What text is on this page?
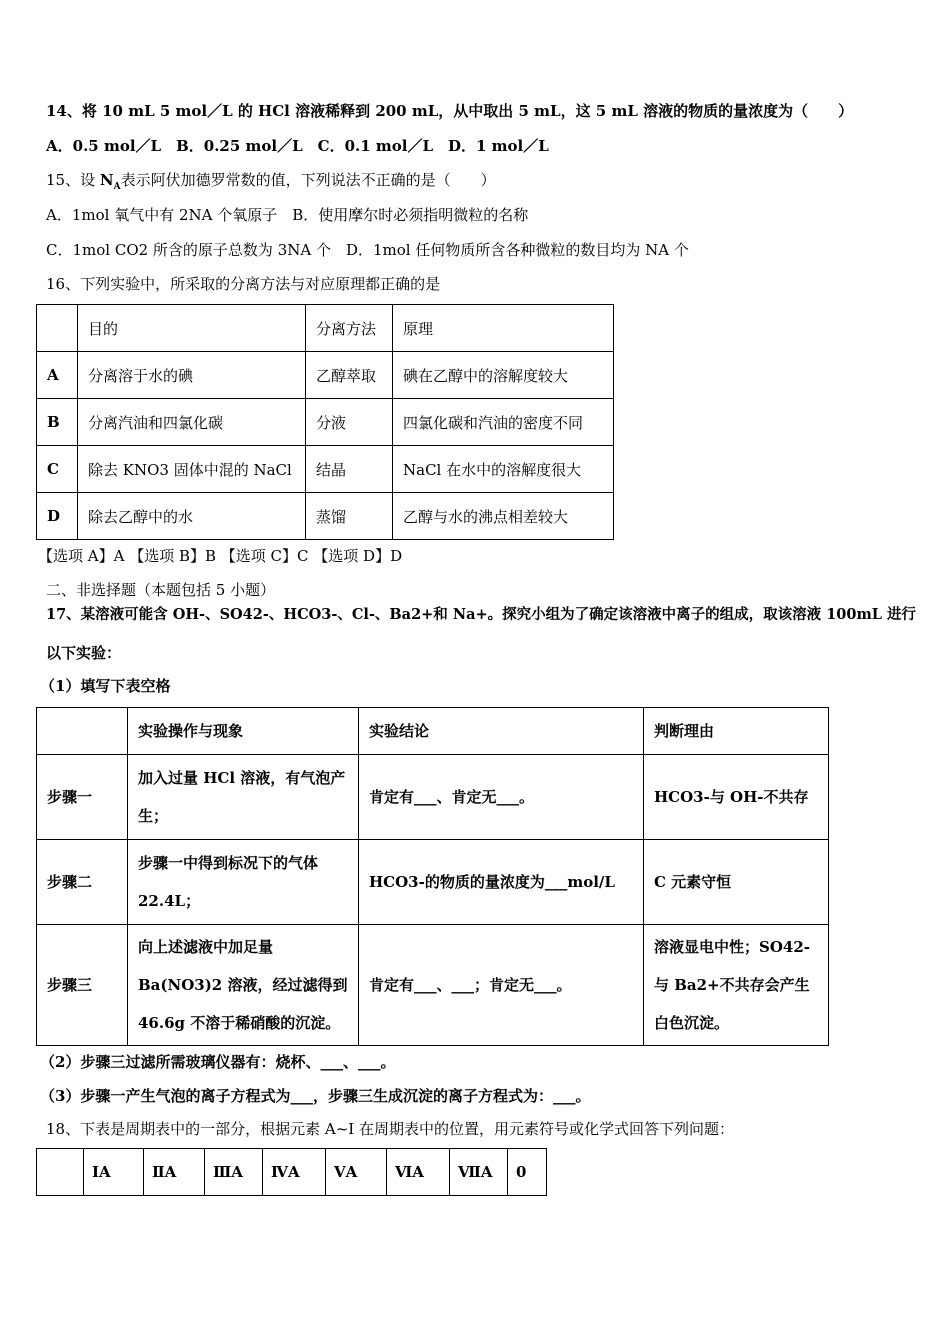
14、将 10 mL 5 mol／L 的 HCl 溶液稀释到 200 mL，从中取出 5 mL，这 5 mL 溶液的物质的量浓度为（　　）
A．0.5 mol／L　B．0.25 mol／L　C．0.1 mol／L　D．1 mol／L
15、设 $N_A$表示阿伏加德罗常数的值，下列说法不正确的是（　　）
A．1mol 氧气中有 2NA 个氧原子　B．使用摩尔时必须指明微粒的名称
C．1mol CO2 所含的原子总数为 3NA 个　D．1mol 任何物质所含各种微粒的数目均为 NA 个
16、下列实验中，所采取的分离方法与对应原理都正确的是
	目的	分离方法	原理
A	分离溶于水的碘	乙醇萃取	碘在乙醇中的溶解度较大
B	分离汽油和四氯化碳	分液	四氯化碳和汽油的密度不同
C	除去 KNO3 固体中混的 NaCl	结晶	NaCl 在水中的溶解度很大
D	除去乙醇中的水	蒸馏	乙醇与水的沸点相差较大
【选项 A】A 【选项 B】B 【选项 C】C 【选项 D】D
二、非选择题（本题包括 5 小题）
17、某溶液可能含 OH-、SO42-、HCO3-、Cl-、Ba2+和 Na+。探究小组为了确定该溶液中离子的组成，取该溶液 100mL 进行
以下实验：
（1）填写下表空格
	实验操作与现象	实验结论	判断理由
步骤一	加入过量 HCl 溶液，有气泡产生；	肯定有___、肯定无___。	HCO3-与 OH-不共存
步骤二	步骤一中得到标况下的气体 22.4L；	HCO3-的物质的量浓度为___mol/L	C 元素守恒
步骤三	向上述滤液中加足量 Ba(NO3)2 溶液，经过滤得到 46.6g 不溶于稀硝酸的沉淀。	肯定有___、___；肯定无___。	溶液显电中性；SO42-与 Ba2+不共存会产生白色沉淀。
（2）步骤三过滤所需玻璃仪器有：烧杯、___、___。
（3）步骤一产生气泡的离子方程式为___，步骤三生成沉淀的离子方程式为：___。
18、下表是周期表中的一部分，根据元素 A~I 在周期表中的位置，用元素符号或化学式回答下列问题：
	ⅠA	ⅡA	ⅢA	ⅣA	ⅤA	ⅥA	ⅦA	0
